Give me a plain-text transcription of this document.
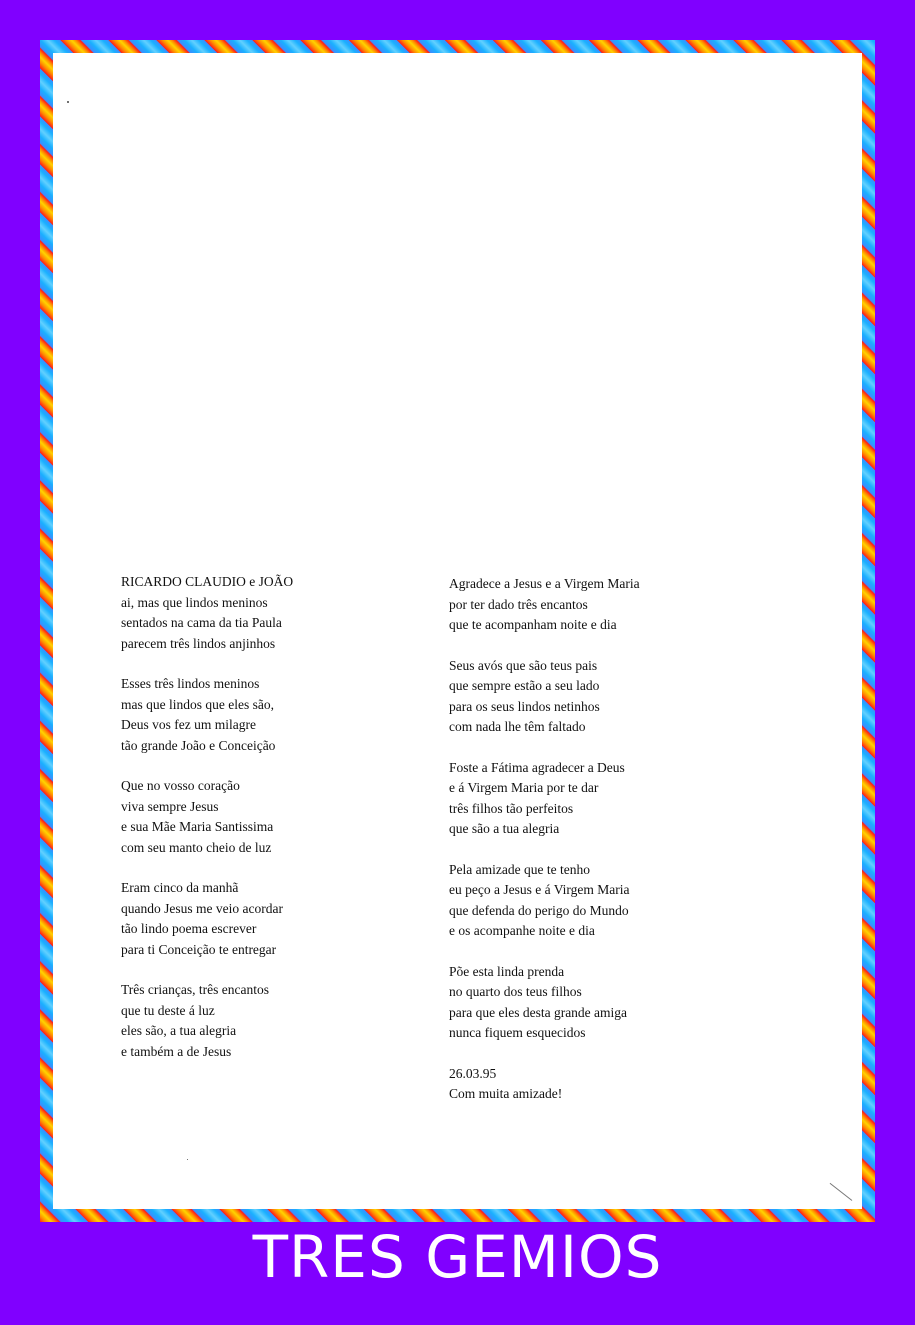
RICARDO CLAUDIO e JOÃO
ai, mas que lindos meninos
sentados na cama da tia Paula
parecem três lindos anjinhos
Esses três lindos meninos
mas que lindos que eles são,
Deus vos fez um milagre
tão grande João e Conceição
Que no vosso coração
viva sempre Jesus
e sua Mãe Maria Santissima
com seu manto cheio de luz
Eram cinco da manhã
quando Jesus me veio acordar
tão lindo poema escrever
para ti Conceição te entregar
Três crianças, três encantos
que tu deste á luz
eles são, a tua alegria
e também a de Jesus
Agradece a Jesus e a Virgem Maria
por ter dado três encantos
que te acompanham noite e dia
Seus avós que são teus pais
que sempre estão a seu lado
para os seus lindos netinhos
com nada lhe têm faltado
Foste a Fátima agradecer a Deus
e á Virgem Maria por te dar
três filhos tão perfeitos
que são a tua alegria
Pela amizade que te tenho
eu peço a Jesus e á Virgem Maria
que defenda do perigo do Mundo
e os acompanhe noite e dia
Põe esta linda prenda
no quarto dos teus filhos
para que eles desta grande amiga
nunca fiquem esquecidos
26.03.95
Com muita amizade!
TRES GEMIOS
